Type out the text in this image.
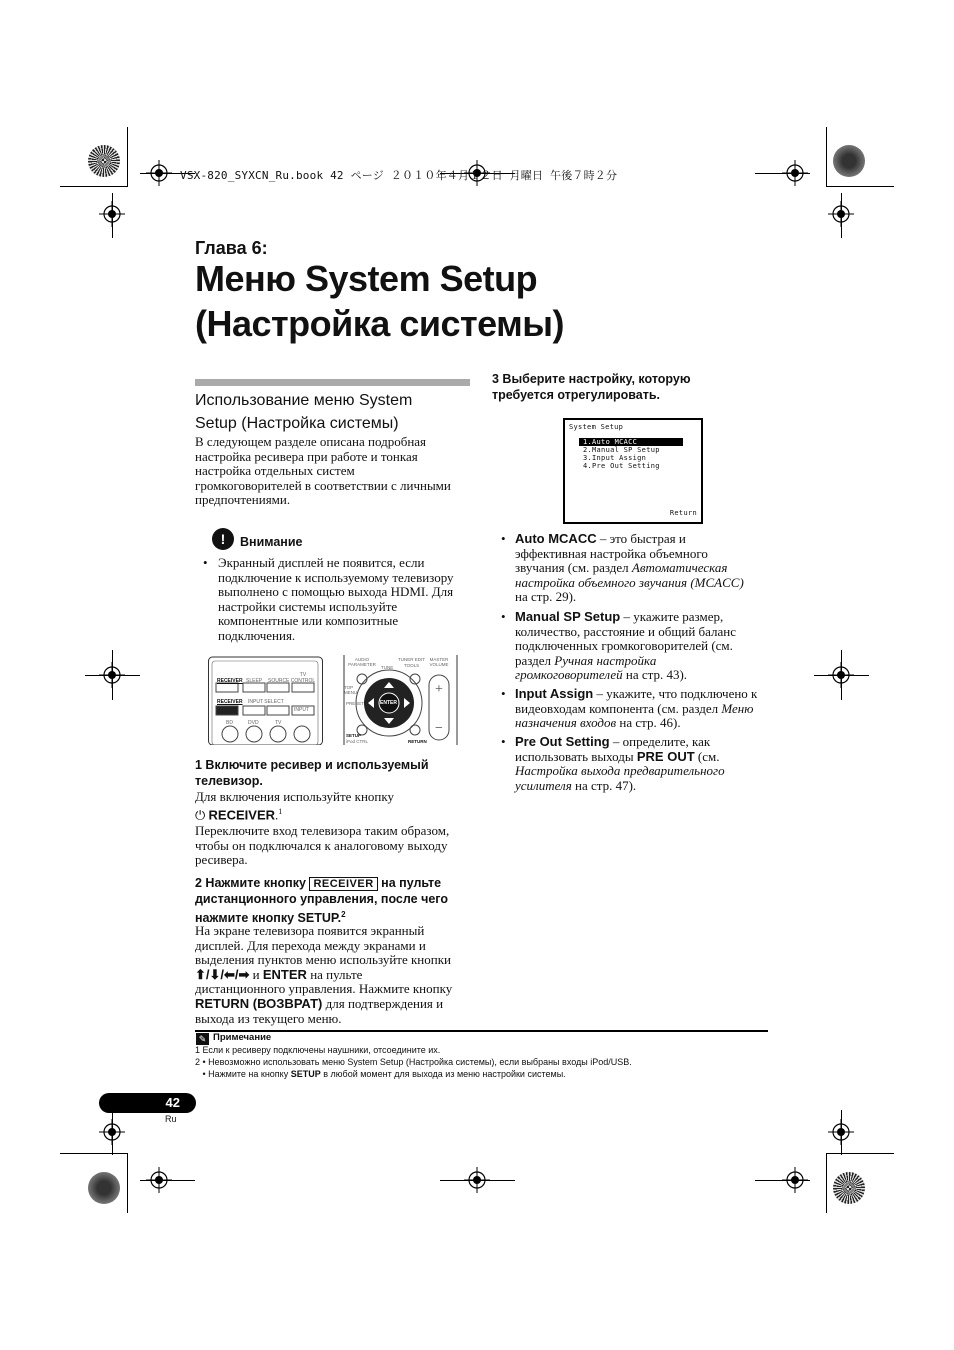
VSX-820_SYXCN_Ru.book 42 ページ ２０１０年４月１２日 月曜日 午後７時２分
Глава 6:
Меню System Setup
(Настройка системы)
Использование меню System
Setup (Настройка системы)
В следующем разделе описана подробная
настройка ресивера при работе и тонкая
настройка отдельных систем
громкоговорителей в соответствии с личными
предпочтениями.
!	Внимание
• Экранный дисплей не появится, если
подключение к используемому телевизору
выполнено с помощью выхода HDMI. Для
настройки системы используйте
компонентные или композитные
подключения.
+
−
RECEIVER SLEEP SOURCE
TV CONTROL
RECEIVER INPUT SELECT
INPUT
BD	DVD	TV
AUDIO PARAMETER
TUNER EDIT
TOOLS
MASTER VOLUME
TUNE
PRESET	ENTER
TOP MENU
SETUP
iPod CTRL	RETURN
1 Включите ресивер и используемый
телевизор.
Для включения используйте кнопку
⏻ RECEIVER.$^1$
Переключите вход телевизора таким образом,
чтобы он подключался к аналоговому выходу
ресивера.
2 Нажмите кнопку RECEIVER на пульте
дистанционного управления, после чего
нажмите кнопку SETUP.$^2$
На экране телевизора появится экранный
дисплей. Для перехода между экранами и
выделения пунктов меню используйте кнопки
⬆/⬇/⬅/➡ и ENTER на пульте
дистанционного управления. Нажмите кнопку
RETURN (ВОЗВРАТ) для подтверждения и
выхода из текущего меню.
3 Выберите настройку, которую
требуется отрегулировать.
System Setup
1.Auto MCACC
2.Manual SP Setup
3.Input Assign
4.Pre Out Setting
Return
• Auto MCACC – это быстрая и
эффективная настройка объемного
звучания (см. раздел Автоматическая
настройка объемного звучания (MCACC)
на стр. 29).
• Manual SP Setup – укажите размер,
количество, расстояние и общий баланс
подключенных громкоговорителей (см.
раздел Ручная настройка
громкоговорителей на стр. 43).
• Input Assign – укажите, что подключено к
видеовходам компонента (см. раздел Меню
назначения входов на стр. 46).
• Pre Out Setting – определите, как
использовать выходы PRE OUT (см.
Настройка выхода предварительного
усилителя на стр. 47).
✎ Примечание
1 Если к ресиверу подключены наушники, отсоедините их.
2 • Невозможно использовать меню System Setup (Настройка системы), если выбраны входы iPod/USB.
• Нажмите на кнопку SETUP в любой момент для выхода из меню настройки системы.
42
Ru
